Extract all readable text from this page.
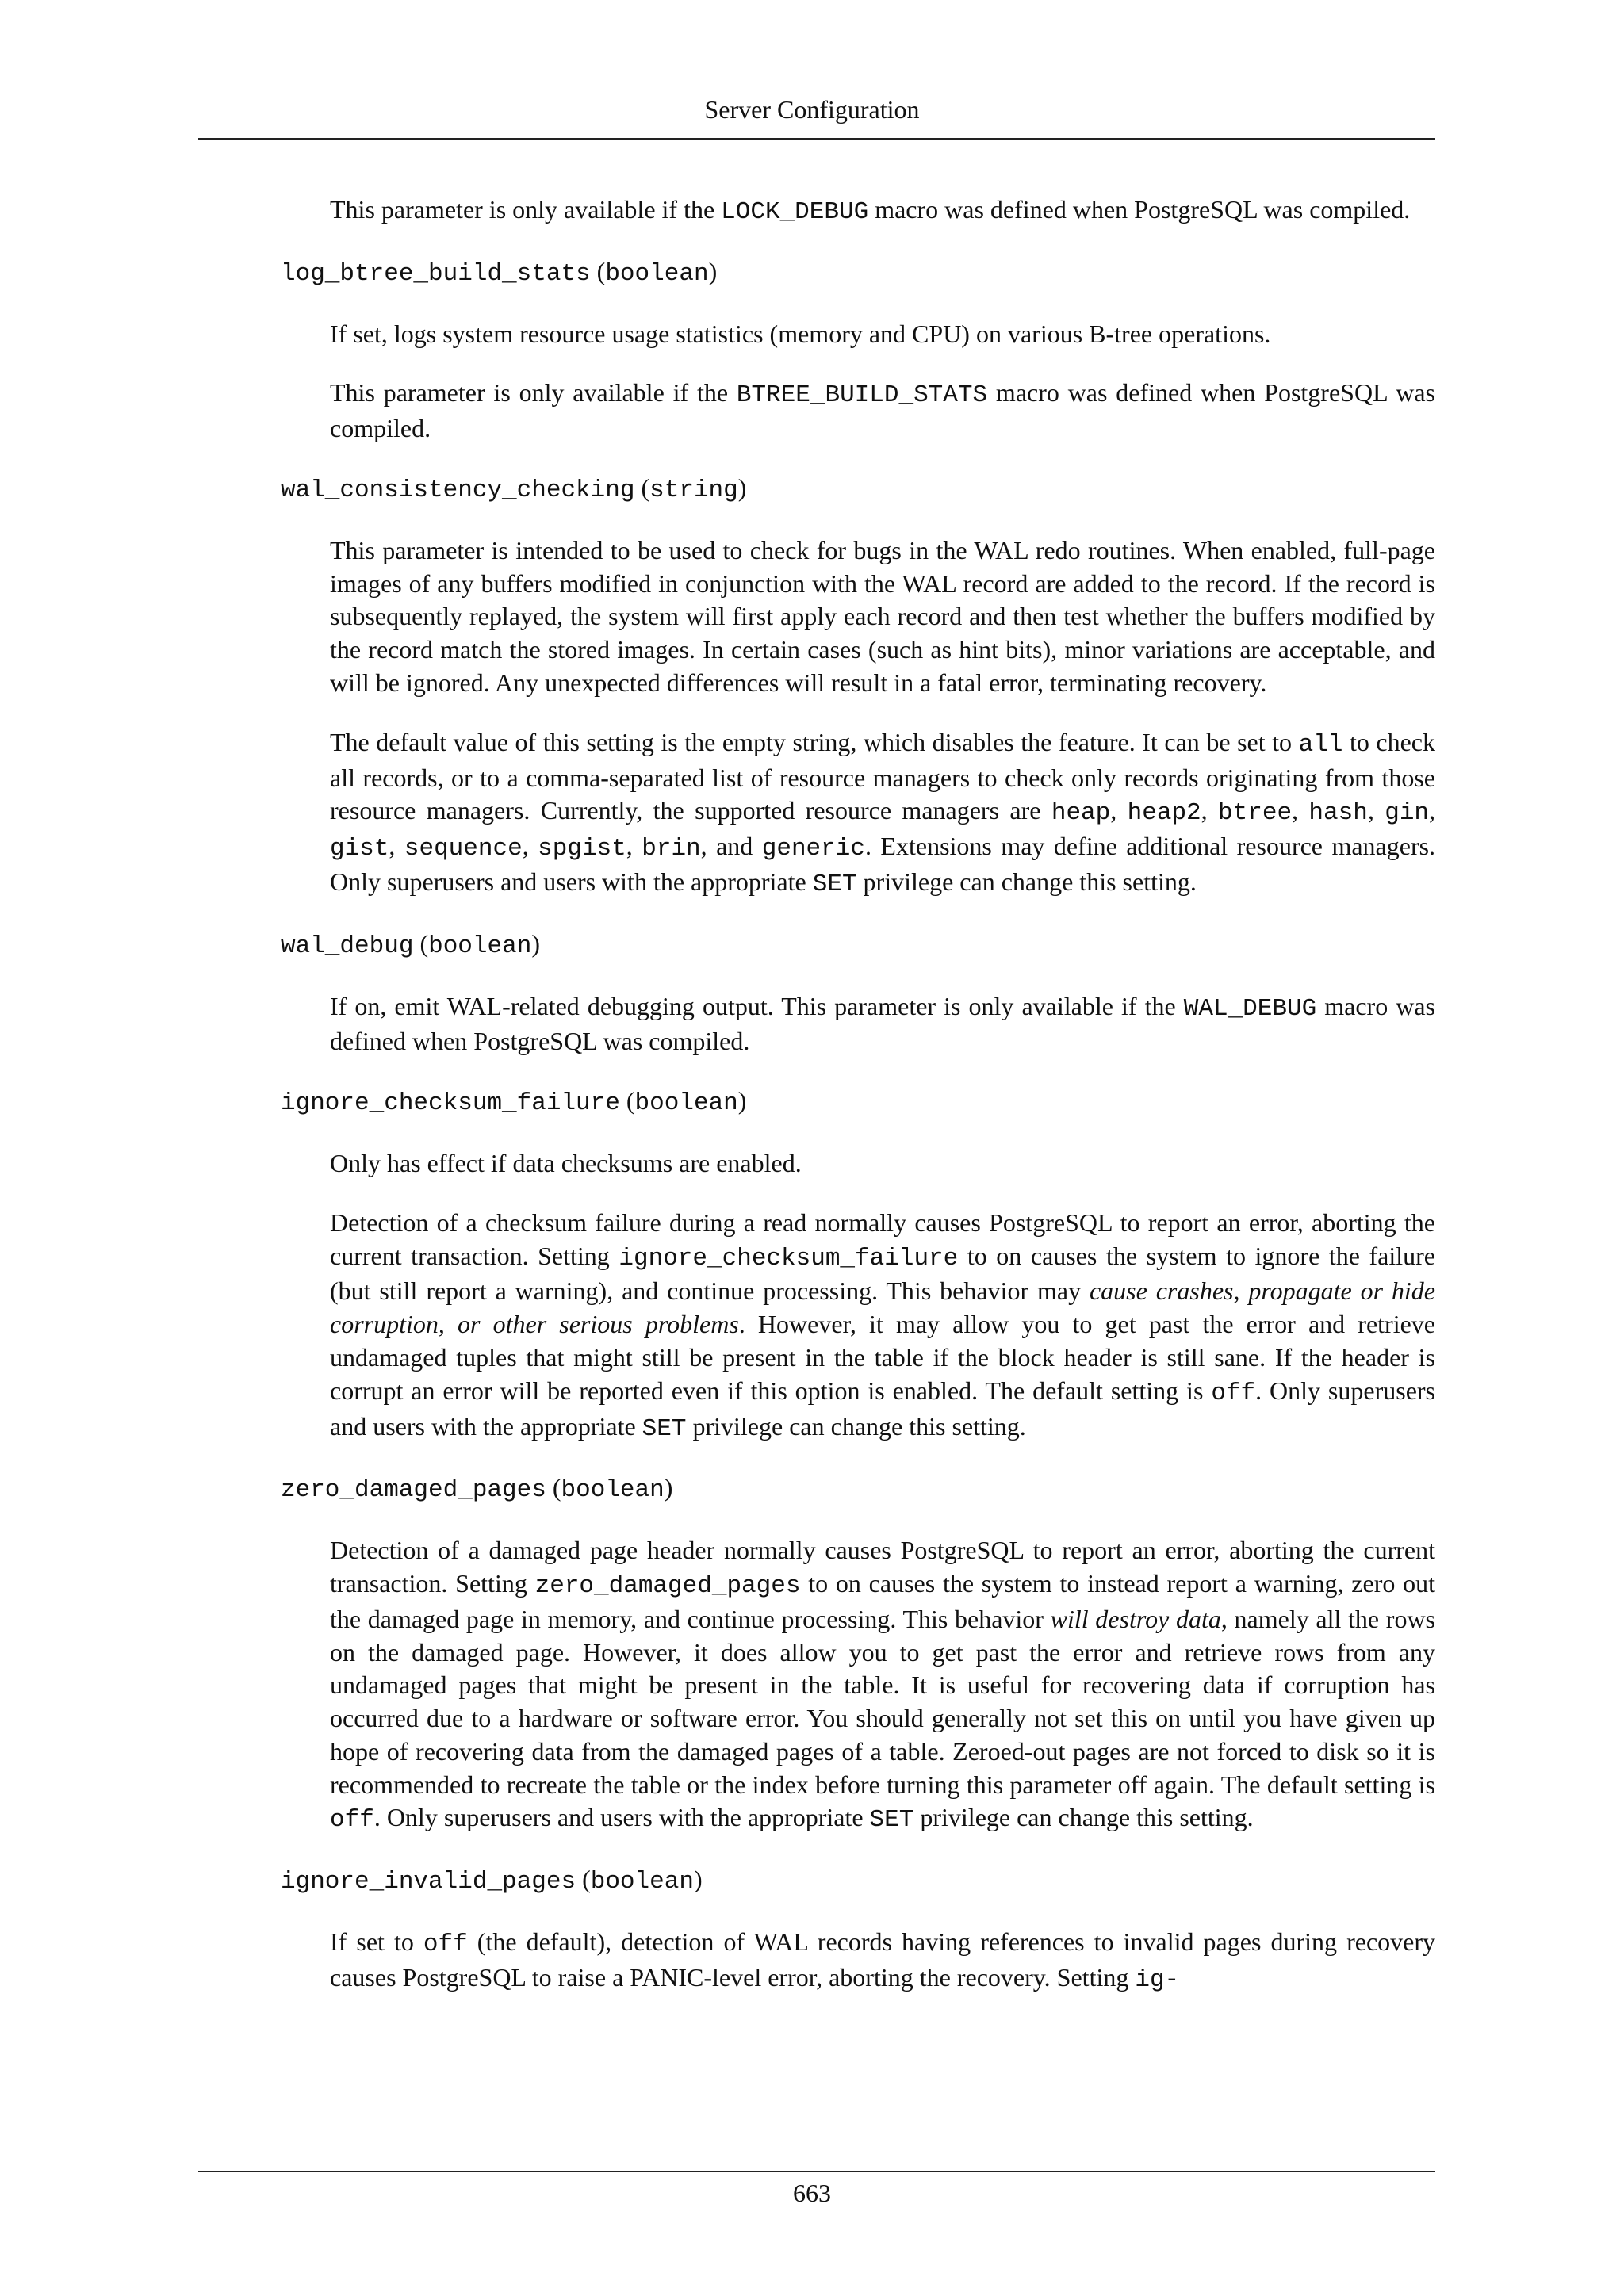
Server Configuration

This parameter is only available if the LOCK_DEBUG macro was defined when PostgreSQL was compiled.

log_btree_build_stats (boolean)

If set, logs system resource usage statistics (memory and CPU) on various B-tree operations.

This parameter is only available if the BTREE_BUILD_STATS macro was defined when PostgreSQL was compiled.

wal_consistency_checking (string)

This parameter is intended to be used to check for bugs in the WAL redo routines. When enabled, full-page images of any buffers modified in conjunction with the WAL record are added to the record. If the record is subsequently replayed, the system will first apply each record and then test whether the buffers modified by the record match the stored images. In certain cases (such as hint bits), minor variations are acceptable, and will be ignored. Any unexpected differences will result in a fatal error, terminating recovery.

The default value of this setting is the empty string, which disables the feature. It can be set to all to check all records, or to a comma-separated list of resource managers to check only records originating from those resource managers. Currently, the supported resource managers are heap, heap2, btree, hash, gin, gist, sequence, spgist, brin, and generic. Extensions may define additional resource managers. Only superusers and users with the appropriate SET privilege can change this setting.

wal_debug (boolean)

If on, emit WAL-related debugging output. This parameter is only available if the WAL_DEBUG macro was defined when PostgreSQL was compiled.

ignore_checksum_failure (boolean)

Only has effect if data checksums are enabled.

Detection of a checksum failure during a read normally causes PostgreSQL to report an error, aborting the current transaction. Setting ignore_checksum_failure to on causes the system to ignore the failure (but still report a warning), and continue processing. This behavior may cause crashes, propagate or hide corruption, or other serious problems. However, it may allow you to get past the error and retrieve undamaged tuples that might still be present in the table if the block header is still sane. If the header is corrupt an error will be reported even if this option is enabled. The default setting is off. Only superusers and users with the appropriate SET privilege can change this setting.

zero_damaged_pages (boolean)

Detection of a damaged page header normally causes PostgreSQL to report an error, aborting the current transaction. Setting zero_damaged_pages to on causes the system to instead report a warning, zero out the damaged page in memory, and continue processing. This behavior will destroy data, namely all the rows on the damaged page. However, it does allow you to get past the error and retrieve rows from any undamaged pages that might be present in the table. It is useful for recovering data if corruption has occurred due to a hardware or software error. You should generally not set this on until you have given up hope of recovering data from the damaged pages of a table. Zeroed-out pages are not forced to disk so it is recommended to recreate the table or the index before turning this parameter off again. The default setting is off. Only superusers and users with the appropriate SET privilege can change this setting.

ignore_invalid_pages (boolean)

If set to off (the default), detection of WAL records having references to invalid pages during recovery causes PostgreSQL to raise a PANIC-level error, aborting the recovery. Setting ig-

663
